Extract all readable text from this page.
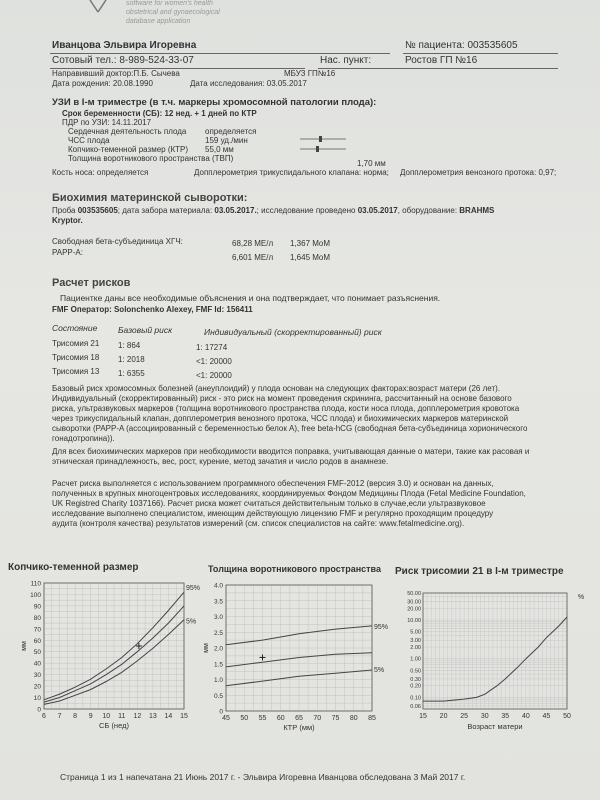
software for women's health
obstetrical and gynaecological
database application
Иванцова Эльвира Игоревна	№ пациента: 003535605
Сотовый тел.: 8-989-524-33-07	Нас. пункт:	Ростов ГП №16
Направивший доктор:П.Б. Сычева	МБУЗ ГП№16
Дата рождения: 20.08.1990	Дата исследования: 03.05.2017
УЗИ в I-м триместре (в т.ч. маркеры хромосомной патологии плода):
Срок беременности (СБ): 12 нед. + 1 дней по КТР
ПДР по УЗИ: 14.11.2017
Сердечная деятельность плода определяется
ЧСС плода	159 уд./мин
Копчико-теменной размер (КТР) 55,0 мм
Толщина воротникового пространства (ТВП)
1,70 мм
Кость носа: определяется	Допплерометрия трикуспидального клапана: норма; Допплерометрия венозного протока: 0,97;
Биохимия материнской сыворотки:
Проба 003535605; дата забора материала: 03.05.2017.; исследование проведено 03.05.2017, оборудование: BRAHMS
Kryptor.
Свободная бета-субъединица ХГЧ:	68,28 ME/л 1,367 MoM
PAPP-A:
6,601 ME/л 1,645 MoM
Расчет рисков
Пациентке даны все необходимые объяснения и она подтверждает, что понимает разъяснения.
FMF Оператор: Solonchenko Alexey, FMF Id: 156411
Состояние Базовый риск	Индивидуальный (скорректированный) риск
Трисомия 21 1: 864	1: 17274
Трисомия 18 1: 2018	<1: 20000
Трисомия 13 1: 6355	<1: 20000
Базовый риск хромосомных болезней (анеуплоидий) у плода основан на следующих факторах:возраст матери (26 лет).
Индивидуальный (скорректированный) риск - это риск на момент проведения скрининга, рассчитанный на основе базового
риска, ультразвуковых маркеров (толщина воротникового пространства плода, кости носа плода, допплерометрия кровотока
через трикуспидальный клапан, допплерометрия венозного протока, ЧСС плода) и биохимических маркеров материнской
сыворотки (PAPP-A (ассоциированный с беременностью белок A), free beta-hCG (свободная бета-субъединица хорионического
гонадотропина)).
Для всех биохимических маркеров при необходимости вводится поправка, учитывающая данные о матери, такие как расовая и
этническая принадлежность, вес, рост, курение, метод зачатия и число родов в анамнезе.
Расчет риска выполняется с использованием программного обеспечения FMF-2012 (версия 3.0) и основан на данных,
полученных в крупных многоцентровых исследованиях, координируемых Фондом Медицины Плода (Fetal Medicine Foundation,
UK Registred Charity 1037166). Расчет риска может считаться действительным только в случае,если ультразвуковое
исследование выполнено специалистом, имеющим действующую лицензию FMF и регулярно проходящим процедуру
аудита (контроля качества) результатов измерений (см. список специалистов на сайте: www.fetalmedicine.org).
Копчико-теменной размер
6 7 8 9 10 11 12 13 14 15
0
10
20
30
40
50
60
70
80
90
100
110
СБ (нед)
мм
95%
5%
Толщина воротникового пространства
45 50 55 60 65 70 75 80 85
0
0.5
1.0
1.5
2.0
2.5
3.0
3.5
4.0
КТР (мм)
мм
95%
5%
Риск трисомии 21 в I-м триместре
15 20 25 30 35 40 45 50
0.06
0.10
0.20
0.30
0.50
1.00
2.00
3.00
5.00
10.00
20.00
30.00
50.00
Возраст матери
%
Страница 1 из 1 напечатана 21 Июнь 2017 г. - Эльвира Игоревна Иванцова обследована 3 Май 2017 г.
